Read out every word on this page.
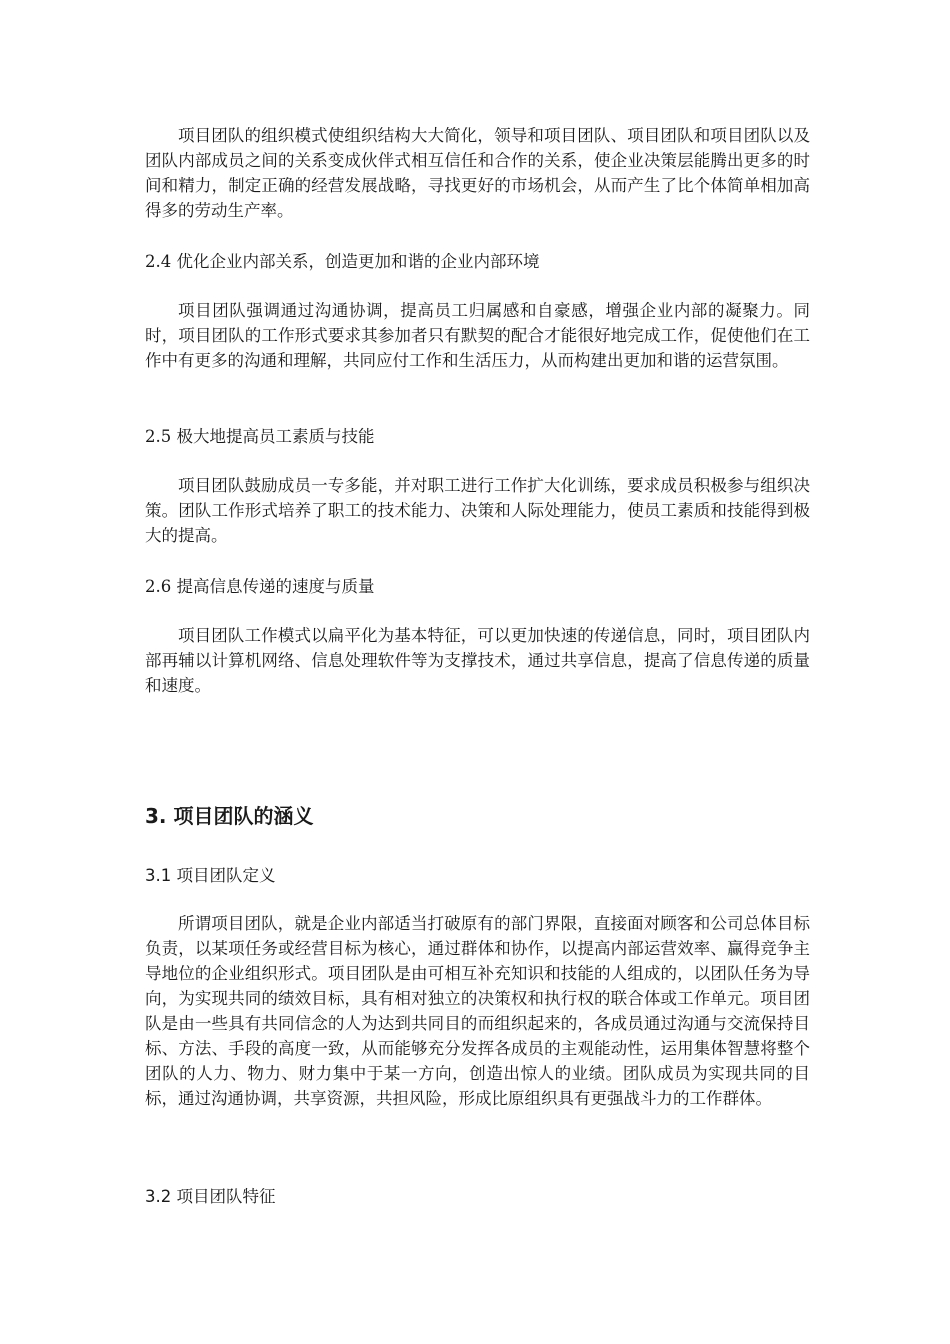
项目团队的组织模式使组织结构大大简化，领导和项目团队、项目团队和项目团队以及团队内部成员之间的关系变成伙伴式相互信任和合作的关系，使企业决策层能腾出更多的时间和精力，制定正确的经营发展战略，寻找更好的市场机会，从而产生了比个体简单相加高得多的劳动生产率。

2.4 优化企业内部关系，创造更加和谐的企业内部环境

项目团队强调通过沟通协调，提高员工归属感和自豪感，增强企业内部的凝聚力。同时，项目团队的工作形式要求其参加者只有默契的配合才能很好地完成工作，促使他们在工作中有更多的沟通和理解，共同应付工作和生活压力，从而构建出更加和谐的运营氛围。

2.5 极大地提高员工素质与技能

项目团队鼓励成员一专多能，并对职工进行工作扩大化训练，要求成员积极参与组织决策。团队工作形式培养了职工的技术能力、决策和人际处理能力，使员工素质和技能得到极大的提高。

2.6 提高信息传递的速度与质量

项目团队工作模式以扁平化为基本特征，可以更加快速的传递信息，同时，项目团队内部再辅以计算机网络、信息处理软件等为支撑技术，通过共享信息，提高了信息传递的质量和速度。

3. 项目团队的涵义

3.1 项目团队定义

所谓项目团队，就是企业内部适当打破原有的部门界限，直接面对顾客和公司总体目标负责，以某项任务或经营目标为核心，通过群体和协作，以提高内部运营效率、赢得竞争主导地位的企业组织形式。项目团队是由可相互补充知识和技能的人组成的，以团队任务为导向，为实现共同的绩效目标，具有相对独立的决策权和执行权的联合体或工作单元。项目团队是由一些具有共同信念的人为达到共同目的而组织起来的，各成员通过沟通与交流保持目标、方法、手段的高度一致，从而能够充分发挥各成员的主观能动性，运用集体智慧将整个团队的人力、物力、财力集中于某一方向，创造出惊人的业绩。团队成员为实现共同的目标，通过沟通协调，共享资源，共担风险，形成比原组织具有更强战斗力的工作群体。

3.2 项目团队特征
